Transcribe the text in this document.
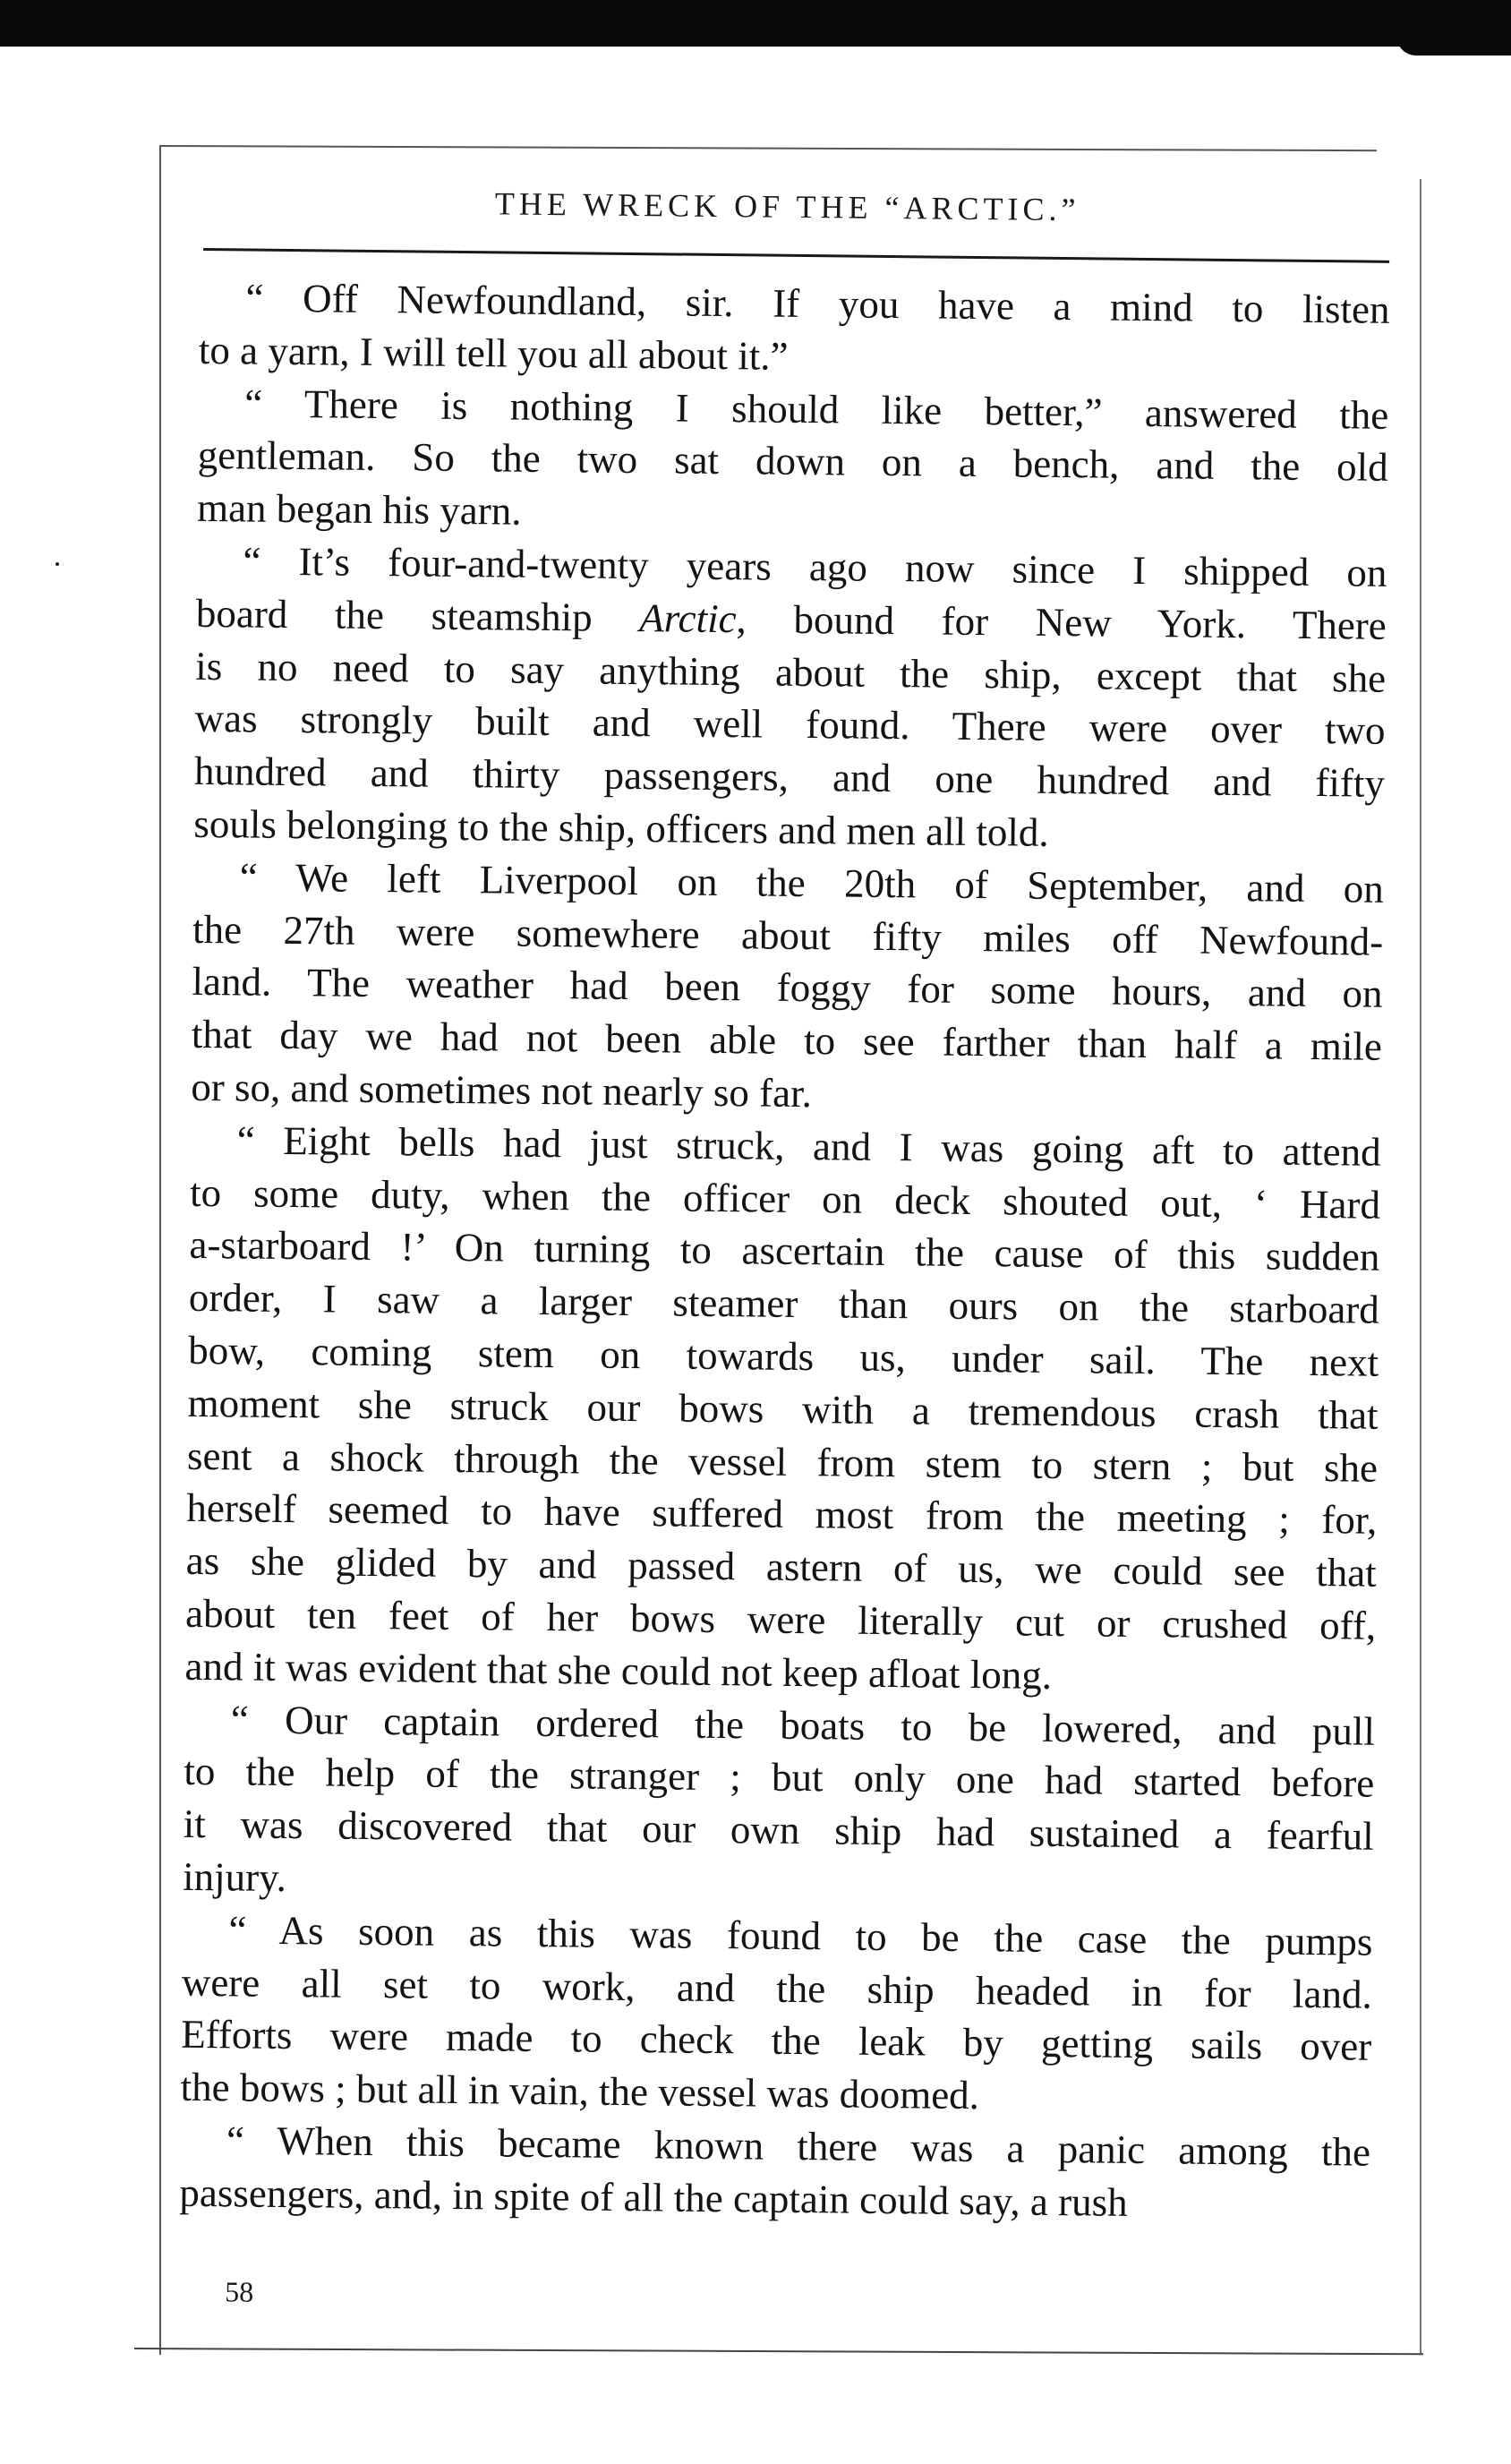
THE WRECK OF THE “ARCTIC.”
“ Off Newfoundland, sir. If you have a mind to listen
to a yarn, I will tell you all about it.”
“ There is nothing I should like better,” answered the
gentleman. So the two sat down on a bench, and the old
man began his yarn.
“ It’s four-and-twenty years ago now since I shipped on
board the steamship Arctic, bound for New York. There
is no need to say anything about the ship, except that she
was strongly built and well found. There were over two
hundred and thirty passengers, and one hundred and fifty
souls belonging to the ship, officers and men all told.
“ We left Liverpool on the 20th of September, and on
the 27th were somewhere about fifty miles off Newfound-
land. The weather had been foggy for some hours, and on
that day we had not been able to see farther than half a mile
or so, and sometimes not nearly so far.
“ Eight bells had just struck, and I was going aft to attend
to some duty, when the officer on deck shouted out, ‘ Hard
a-starboard !’ On turning to ascertain the cause of this sudden
order, I saw a larger steamer than ours on the starboard
bow, coming stem on towards us, under sail. The next
moment she struck our bows with a tremendous crash that
sent a shock through the vessel from stem to stern ; but she
herself seemed to have suffered most from the meeting ; for,
as she glided by and passed astern of us, we could see that
about ten feet of her bows were literally cut or crushed off,
and it was evident that she could not keep afloat long.
“ Our captain ordered the boats to be lowered, and pull
to the help of the stranger ; but only one had started before
it was discovered that our own ship had sustained a fearful
injury.
“ As soon as this was found to be the case the pumps
were all set to work, and the ship headed in for land.
Efforts were made to check the leak by getting sails over
the bows ; but all in vain, the vessel was doomed.
“ When this became known there was a panic among the
passengers, and, in spite of all the captain could say, a rush
58
